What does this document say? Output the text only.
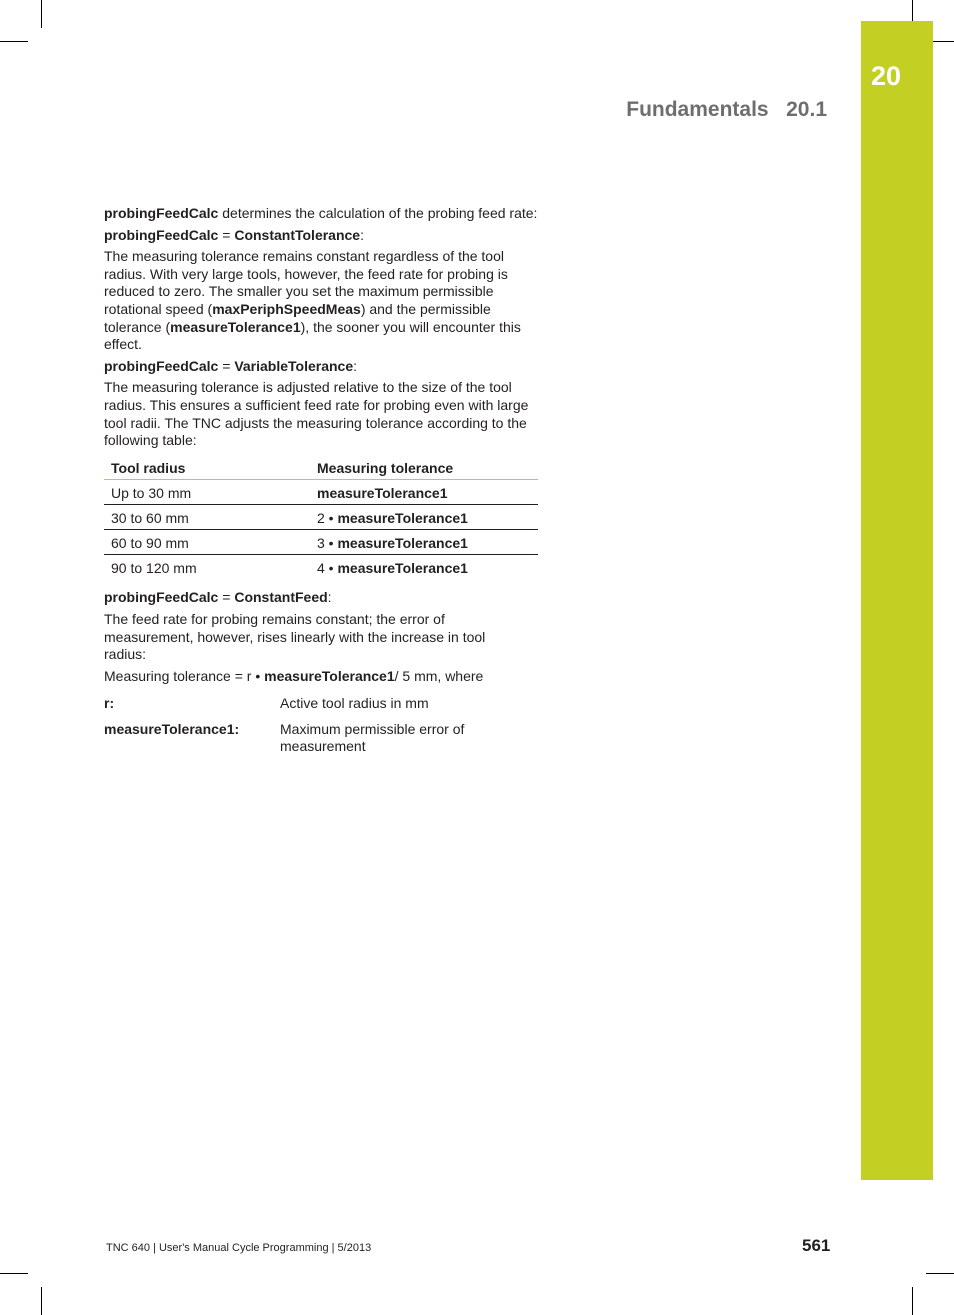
20
Fundamentals 20.1

probingFeedCalc determines the calculation of the probing feed rate:

probingFeedCalc = ConstantTolerance:

The measuring tolerance remains constant regardless of the tool radius. With very large tools, however, the feed rate for probing is reduced to zero. The smaller you set the maximum permissible rotational speed (maxPeriphSpeedMeas) and the permissible tolerance (measureTolerance1), the sooner you will encounter this effect.

probingFeedCalc = VariableTolerance:

The measuring tolerance is adjusted relative to the size of the tool radius. This ensures a sufficient feed rate for probing even with large tool radii. The TNC adjusts the measuring tolerance according to the following table:

Tool radius	Measuring tolerance
Up to 30 mm	measureTolerance1
30 to 60 mm	2 • measureTolerance1
60 to 90 mm	3 • measureTolerance1
90 to 120 mm	4 • measureTolerance1

probingFeedCalc = ConstantFeed:

The feed rate for probing remains constant; the error of measurement, however, rises linearly with the increase in tool radius:

Measuring tolerance = r • measureTolerance1/ 5 mm, where

r:	Active tool radius in mm
measureTolerance1:	Maximum permissible error of measurement
TNC 640 | User's Manual Cycle Programming | 5/2013	561
